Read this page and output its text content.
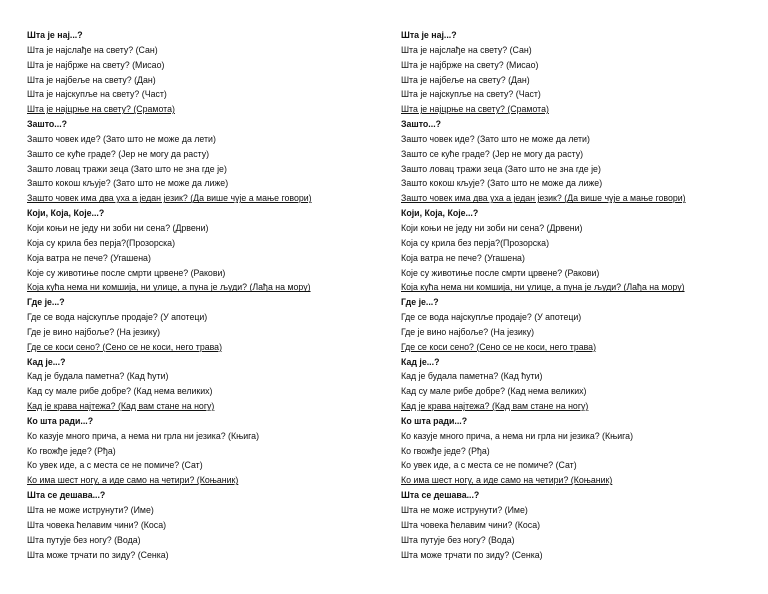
Шта је нај...?
Шта је најслађе на свету? (Сан)
Шта је најбрже на свету? (Мисао)
Шта је најбеље на свету? (Дан)
Шта је најскупље на свету? (Част)
Шта је најцрње на свету? (Срамота)
Зашто...?
Зашто човек иде? (Зато што не може да лети)
Зашто се куће граде? (Јер не могу да расту)
Зашто ловац тражи зеца (Зато што не зна где је)
Зашто кокош кљује? (Зато што не може да лиже)
Зашто човек има два уха а један језик? (Да више чује а мање говори)
Који, Која, Које...?
Који коњи не једу ни зоби ни сена? (Дрвени)
Која су крила без перја?(Прозорска)
Која ватра не пече? (Угашена)
Које су животиње после смрти црвене? (Ракови)
Која кућа нема ни комшија, ни улице, а пуна је људи? (Лађа на мору)
Где је...?
Где се вода најскупље продаје? (У апотеци)
Где је вино најбоље? (На језику)
Где се коси сено? (Сено се не коси, него трава)
Кад је...?
Кад је будала паметна? (Кад ћути)
Кад су мале рибе добре? (Кад нема великих)
Кад је крава најтежа? (Кад вам стане на ногу)
Ко шта ради...?
Ко казује много прича, а нема ни грла ни језика? (Књига)
Ко гвожђе једе? (Рђа)
Ко увек иде, а с места се не помиче? (Сат)
Ко има шест ногу, а иде само на четири? (Коњаник)
Шта се дешава...?
Шта не може иструнути? (Име)
Шта човека ћелавим чини? (Коса)
Шта путује без ногу? (Вода)
Шта може трчати по зиду? (Сенка)
Шта је нај...?
Шта је најслађе на свету? (Сан)
Шта је најбрже на свету? (Мисао)
Шта је најбеље на свету? (Дан)
Шта је најскупље на свету? (Част)
Шта је најцрње на свету? (Срамота)
Зашто...?
Зашто човек иде? (Зато што не може да лети)
Зашто се куће граде? (Јер не могу да расту)
Зашто ловац тражи зеца (Зато што не зна где је)
Зашто кокош кљује? (Зато што не може да лиже)
Зашто човек има два уха а један језик? (Да више чује а мање говори)
Који, Која, Које...?
Који коњи не једу ни зоби ни сена? (Дрвени)
Која су крила без перја?(Прозорска)
Која ватра не пече? (Угашена)
Које су животиње после смрти црвене? (Ракови)
Која кућа нема ни комшија, ни улице, а пуна је људи? (Лађа на мору)
Где је...?
Где се вода најскупље продаје? (У апотеци)
Где је вино најбоље? (На језику)
Где се коси сено? (Сено се не коси, него трава)
Кад је...?
Кад је будала паметна? (Кад ћути)
Кад су мале рибе добре? (Кад нема великих)
Кад је крава најтежа? (Кад вам стане на ногу)
Ко шта ради...?
Ко казује много прича, а нема ни грла ни језика? (Књига)
Ко гвожђе једе? (Рђа)
Ко увек иде, а с места се не помиче? (Сат)
Ко има шест ногу, а иде само на четири? (Коњаник)
Шта се дешава...?
Шта не може иструнути? (Име)
Шта човека ћелавим чини? (Коса)
Шта путује без ногу? (Вода)
Шта може трчати по зиду? (Сенка)
